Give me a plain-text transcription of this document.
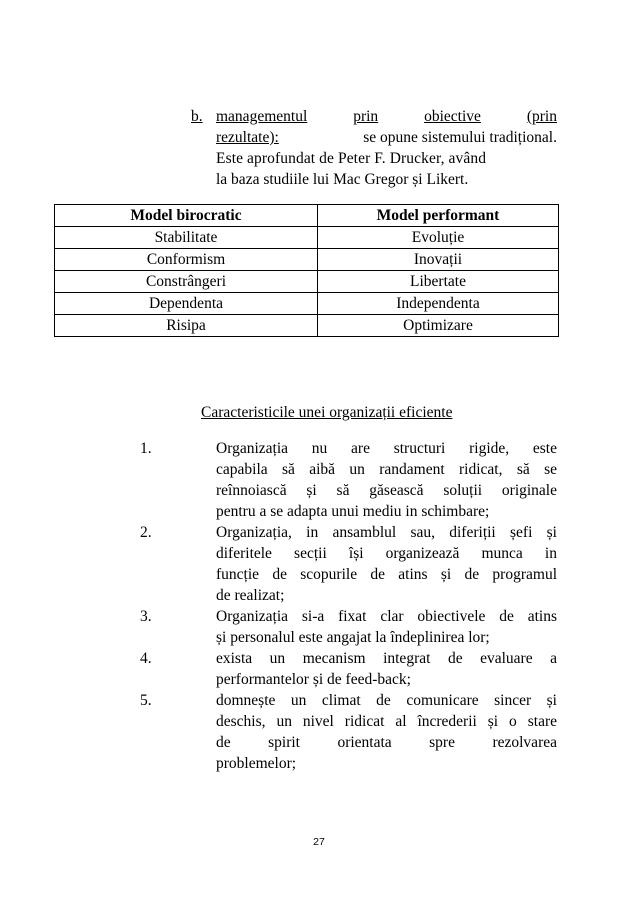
b. managementul	prin	obiective	(prin
rezultate):	se opune sistemului tradițional.
Este aprofundat de Peter F. Drucker, având
la baza studiile lui Mac Gregor și Likert.
Model birocratic	Model performant
Stabilitate	Evoluție
Conformism	Inovații
Constrângeri	Libertate
Dependenta	Independenta
Risipa	Optimizare
Caracteristicile unei organizații eficiente
1.	Organizația nu are structuri rigide, este
capabila să aibă un randament ridicat, să se
reînnoiască și să găsească soluții originale
pentru a se adapta unui mediu in schimbare;
2.	Organizația, in ansamblul sau, diferiții șefi și
diferitele secții își organizează munca in
funcție de scopurile de atins și de programul
de realizat;
3.	Organizația si-a fixat clar obiectivele de atins
și personalul este angajat la îndeplinirea lor;
4.	exista un mecanism integrat de evaluare a
performantelor și de feed-back;
5.	domnește un climat de comunicare sincer și
deschis, un nivel ridicat al încrederii și o stare
de spirit orientata spre rezolvarea
problemelor;
27
